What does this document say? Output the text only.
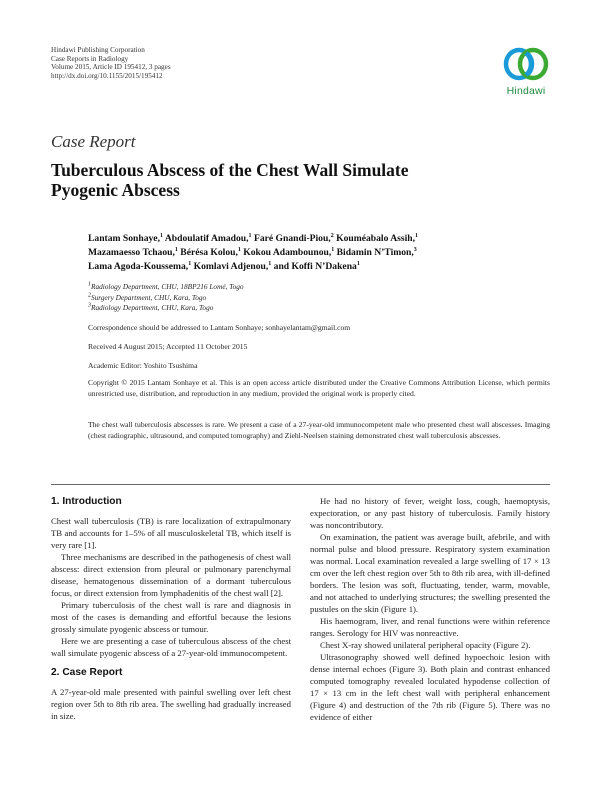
Hindawi Publishing Corporation
Case Reports in Radiology
Volume 2015, Article ID 195412, 3 pages
http://dx.doi.org/10.1155/2015/195412
Hindawi
Case Report
Tuberculous Abscess of the Chest Wall Simulate
Pyogenic Abscess
Lantam Sonhaye,$^1$ Abdoulatif Amadou,$^1$ Faré Gnandi-Piou,$^2$ Kouméabalo Assih,$^1$
Mazamaesso Tchaou,$^1$ Bérésa Kolou,$^1$ Kokou Adambounou,$^1$ Bidamin N’Timon,$^3$
Lama Agoda-Koussema,$^1$ Komlavi Adjenou,$^1$ and Koffi N’Dakena$^1$
$^1$Radiology Department, CHU, 18BP216 Lomé, Togo
$^2$Surgery Department, CHU, Kara, Togo
$^3$Radiology Department, CHU, Kara, Togo
Correspondence should be addressed to Lantam Sonhaye; sonhayelantam@gmail.com
Received 4 August 2015; Accepted 11 October 2015
Academic Editor: Yoshito Tsushima
Copyright © 2015 Lantam Sonhaye et al. This is an open access article distributed under the Creative Commons Attribution License, which permits unrestricted use, distribution, and reproduction in any medium, provided the original work is properly cited.
The chest wall tuberculosis abscesses is rare. We present a case of a 27-year-old immunocompetent male who presented chest wall abscesses. Imaging (chest radiographic, ultrasound, and computed tomography) and Ziehl-Neelsen staining demonstrated chest wall tuberculosis abscesses.
1. Introduction

Chest wall tuberculosis (TB) is rare localization of extrapulmonary TB and accounts for 1–5% of all musculoskeletal TB, which itself is very rare [1].

Three mechanisms are described in the pathogenesis of chest wall abscess: direct extension from pleural or pulmonary parenchymal disease, hematogenous dissemination of a dormant tuberculous focus, or direct extension from lymphadenitis of the chest wall [2].

Primary tuberculosis of the chest wall is rare and diagnosis in most of the cases is demanding and effortful because the lesions grossly simulate pyogenic abscess or tumour.

Here we are presenting a case of tuberculous abscess of the chest wall simulate pyogenic abscess of a 27-year-old immunocompetent.

2. Case Report

A 27-year-old male presented with painful swelling over left chest region over 5th to 8th rib area. The swelling had gradually increased in size.

He had no history of fever, weight loss, cough, haemoptysis, expectoration, or any past history of tuberculosis. Family history was noncontributory.

On examination, the patient was average built, afebrile, and with normal pulse and blood pressure. Respiratory system examination was normal. Local examination revealed a large swelling of 17 × 13 cm over the left chest region over 5th to 8th rib area, with ill-defined borders. The lesion was soft, fluctuating, tender, warm, movable, and not attached to underlying structures; the swelling presented the pustules on the skin (Figure 1).

His haemogram, liver, and renal functions were within reference ranges. Serology for HIV was nonreactive.

Chest X-ray showed unilateral peripheral opacity (Figure 2).

Ultrasonography showed well defined hypoechoic lesion with dense internal echoes (Figure 3). Both plain and contrast enhanced computed tomography revealed loculated hypodense collection of 17 × 13 cm in the left chest wall with peripheral enhancement (Figure 4) and destruction of the 7th rib (Figure 5). There was no evidence of either
